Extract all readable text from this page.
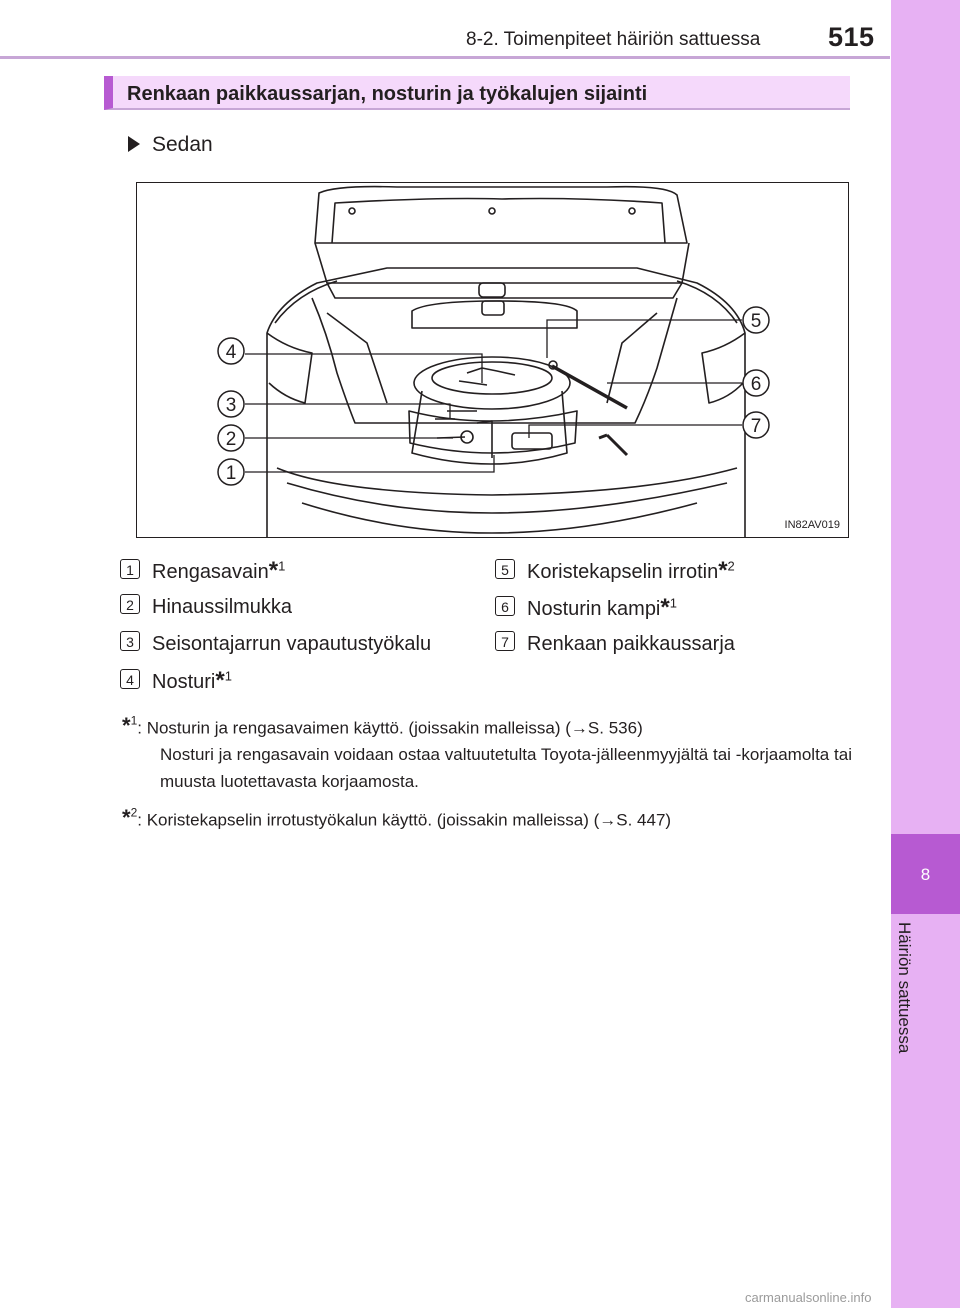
8-2. Toimenpiteet häiriön sattuessa	515
8
Häiriön sattuessa
Renkaan paikkaussarjan, nosturin ja työkalujen sijainti
Sedan
4
3
2
1
5
6
7
IN82AV019
1 Rengasavain*$^1$
2 Hinaussilmukka
3 Seisontajarrun vapautustyökalu
4 Nosturi*$^1$
5 Koristekapselin irrotin*$^2$
6 Nosturin kampi*$^1$
7 Renkaan paikkaussarja
*$^1$: Nosturin ja rengasavaimen käyttö. (joissakin malleissa) (→S. 536)
Nosturi ja rengasavain voidaan ostaa valtuutetulta Toyota-jälleenmyyjältä tai -korjaamolta tai muusta luotettavasta korjaamosta.
*$^2$: Koristekapselin irrotustyökalun käyttö. (joissakin malleissa) (→S. 447)
carmanualsonline.info
